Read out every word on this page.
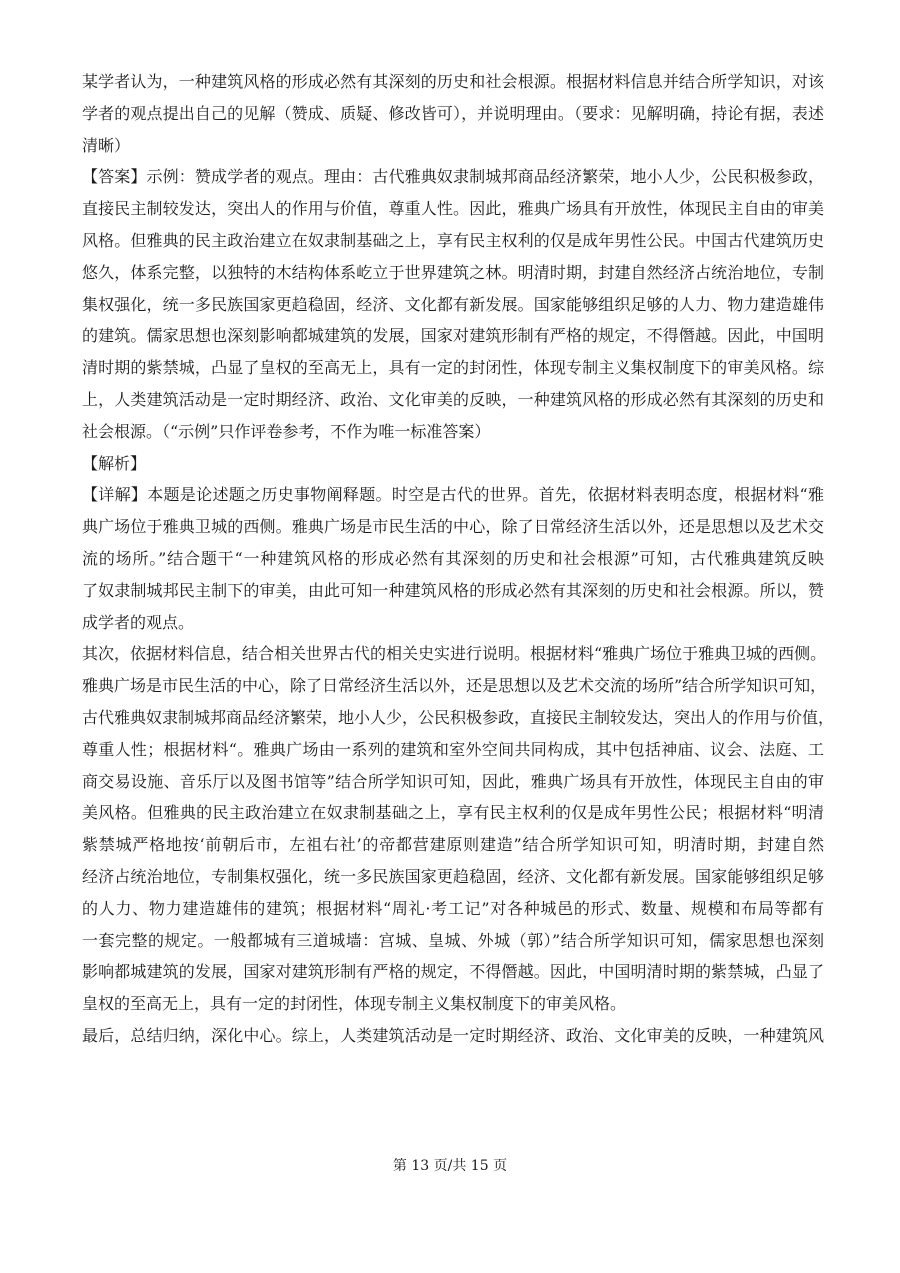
某学者认为，一种建筑风格的形成必然有其深刻的历史和社会根源。根据材料信息并结合所学知识，对该
学者的观点提出自己的见解（赞成、质疑、修改皆可），并说明理由。（要求：见解明确，持论有据，表述
清晰）
【答案】示例：赞成学者的观点。理由：古代雅典奴隶制城邦商品经济繁荣，地小人少，公民积极参政，
直接民主制较发达，突出人的作用与价值，尊重人性。因此，雅典广场具有开放性，体现民主自由的审美
风格。但雅典的民主政治建立在奴隶制基础之上，享有民主权利的仅是成年男性公民。中国古代建筑历史
悠久，体系完整，以独特的木结构体系屹立于世界建筑之林。明清时期，封建自然经济占统治地位，专制
集权强化，统一多民族国家更趋稳固，经济、文化都有新发展。国家能够组织足够的人力、物力建造雄伟
的建筑。儒家思想也深刻影响都城建筑的发展，国家对建筑形制有严格的规定，不得僭越。因此，中国明
清时期的紫禁城，凸显了皇权的至高无上，具有一定的封闭性，体现专制主义集权制度下的审美风格。综
上，人类建筑活动是一定时期经济、政治、文化审美的反映，一种建筑风格的形成必然有其深刻的历史和
社会根源。（“示例”只作评卷参考，不作为唯一标准答案）
【解析】
【详解】本题是论述题之历史事物阐释题。时空是古代的世界。首先，依据材料表明态度，根据材料“雅
典广场位于雅典卫城的西侧。雅典广场是市民生活的中心，除了日常经济生活以外，还是思想以及艺术交
流的场所。”结合题干“一种建筑风格的形成必然有其深刻的历史和社会根源”可知，古代雅典建筑反映
了奴隶制城邦民主制下的审美，由此可知一种建筑风格的形成必然有其深刻的历史和社会根源。所以，赞
成学者的观点。
其次，依据材料信息，结合相关世界古代的相关史实进行说明。根据材料“雅典广场位于雅典卫城的西侧。
雅典广场是市民生活的中心，除了日常经济生活以外，还是思想以及艺术交流的场所”结合所学知识可知，
古代雅典奴隶制城邦商品经济繁荣，地小人少，公民积极参政，直接民主制较发达，突出人的作用与价值，
尊重人性；根据材料“。雅典广场由一系列的建筑和室外空间共同构成，其中包括神庙、议会、法庭、工
商交易设施、音乐厅以及图书馆等”结合所学知识可知，因此，雅典广场具有开放性，体现民主自由的审
美风格。但雅典的民主政治建立在奴隶制基础之上，享有民主权利的仅是成年男性公民；根据材料“明清
紫禁城严格地按‘前朝后市，左祖右社’的帝都营建原则建造”结合所学知识可知，明清时期，封建自然
经济占统治地位，专制集权强化，统一多民族国家更趋稳固，经济、文化都有新发展。国家能够组织足够
的人力、物力建造雄伟的建筑；根据材料“周礼·考工记”对各种城邑的形式、数量、规模和布局等都有
一套完整的规定。一般都城有三道城墙：宫城、皇城、外城（郭）”结合所学知识可知，儒家思想也深刻
影响都城建筑的发展，国家对建筑形制有严格的规定，不得僭越。因此，中国明清时期的紫禁城，凸显了
皇权的至高无上，具有一定的封闭性，体现专制主义集权制度下的审美风格。
最后，总结归纳，深化中心。综上，人类建筑活动是一定时期经济、政治、文化审美的反映，一种建筑风
第 13 页/共 15 页
